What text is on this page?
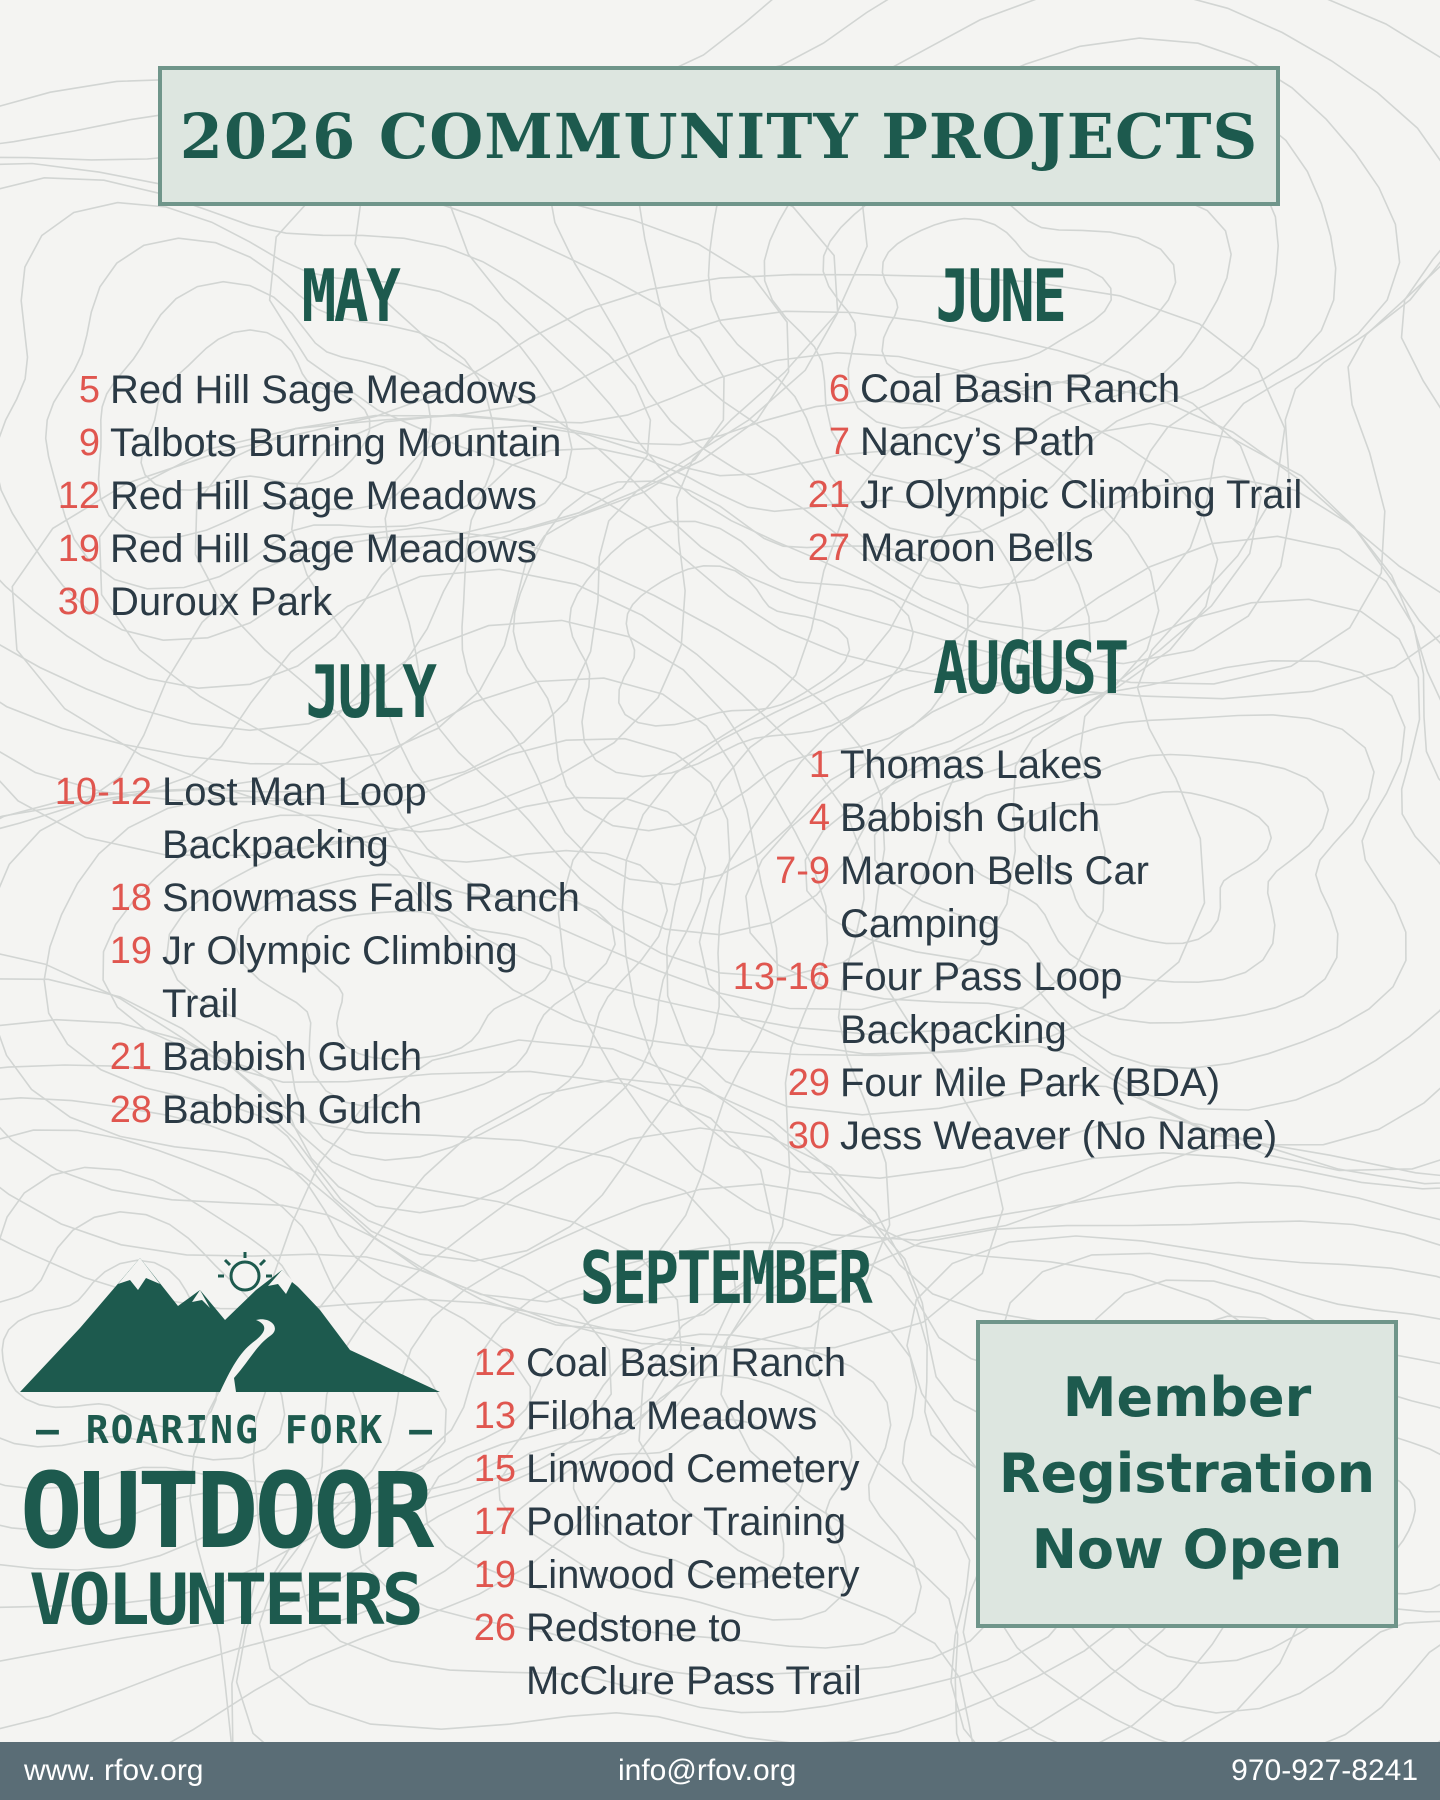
2026 COMMUNITY PROJECTS
MAY
5 Red Hill Sage Meadows
9 Talbots Burning Mountain
12 Red Hill Sage Meadows
19 Red Hill Sage Meadows
30 Duroux Park
JUNE
6 Coal Basin Ranch
7 Nancy’s Path
21 Jr Olympic Climbing Trail
27 Maroon Bells
JULY
10-12 Lost Man Loop
Backpacking
18 Snowmass Falls Ranch
19 Jr Olympic Climbing
Trail
21 Babbish Gulch
28 Babbish Gulch
AUGUST
1 Thomas Lakes
4 Babbish Gulch
7-9 Maroon Bells Car
Camping
13-16 Four Pass Loop
Backpacking
29 Four Mile Park (BDA)
30 Jess Weaver (No Name)
SEPTEMBER
12 Coal Basin Ranch
13 Filoha Meadows
15 Linwood Cemetery
17 Pollinator Training
19 Linwood Cemetery
26 Redstone to
McClure Pass Trail
Member
Registration
Now Open
– ROARING FORK –
OUTDOOR
VOLUNTEERS
www. rfov.org	info@rfov.org	970-927-8241
